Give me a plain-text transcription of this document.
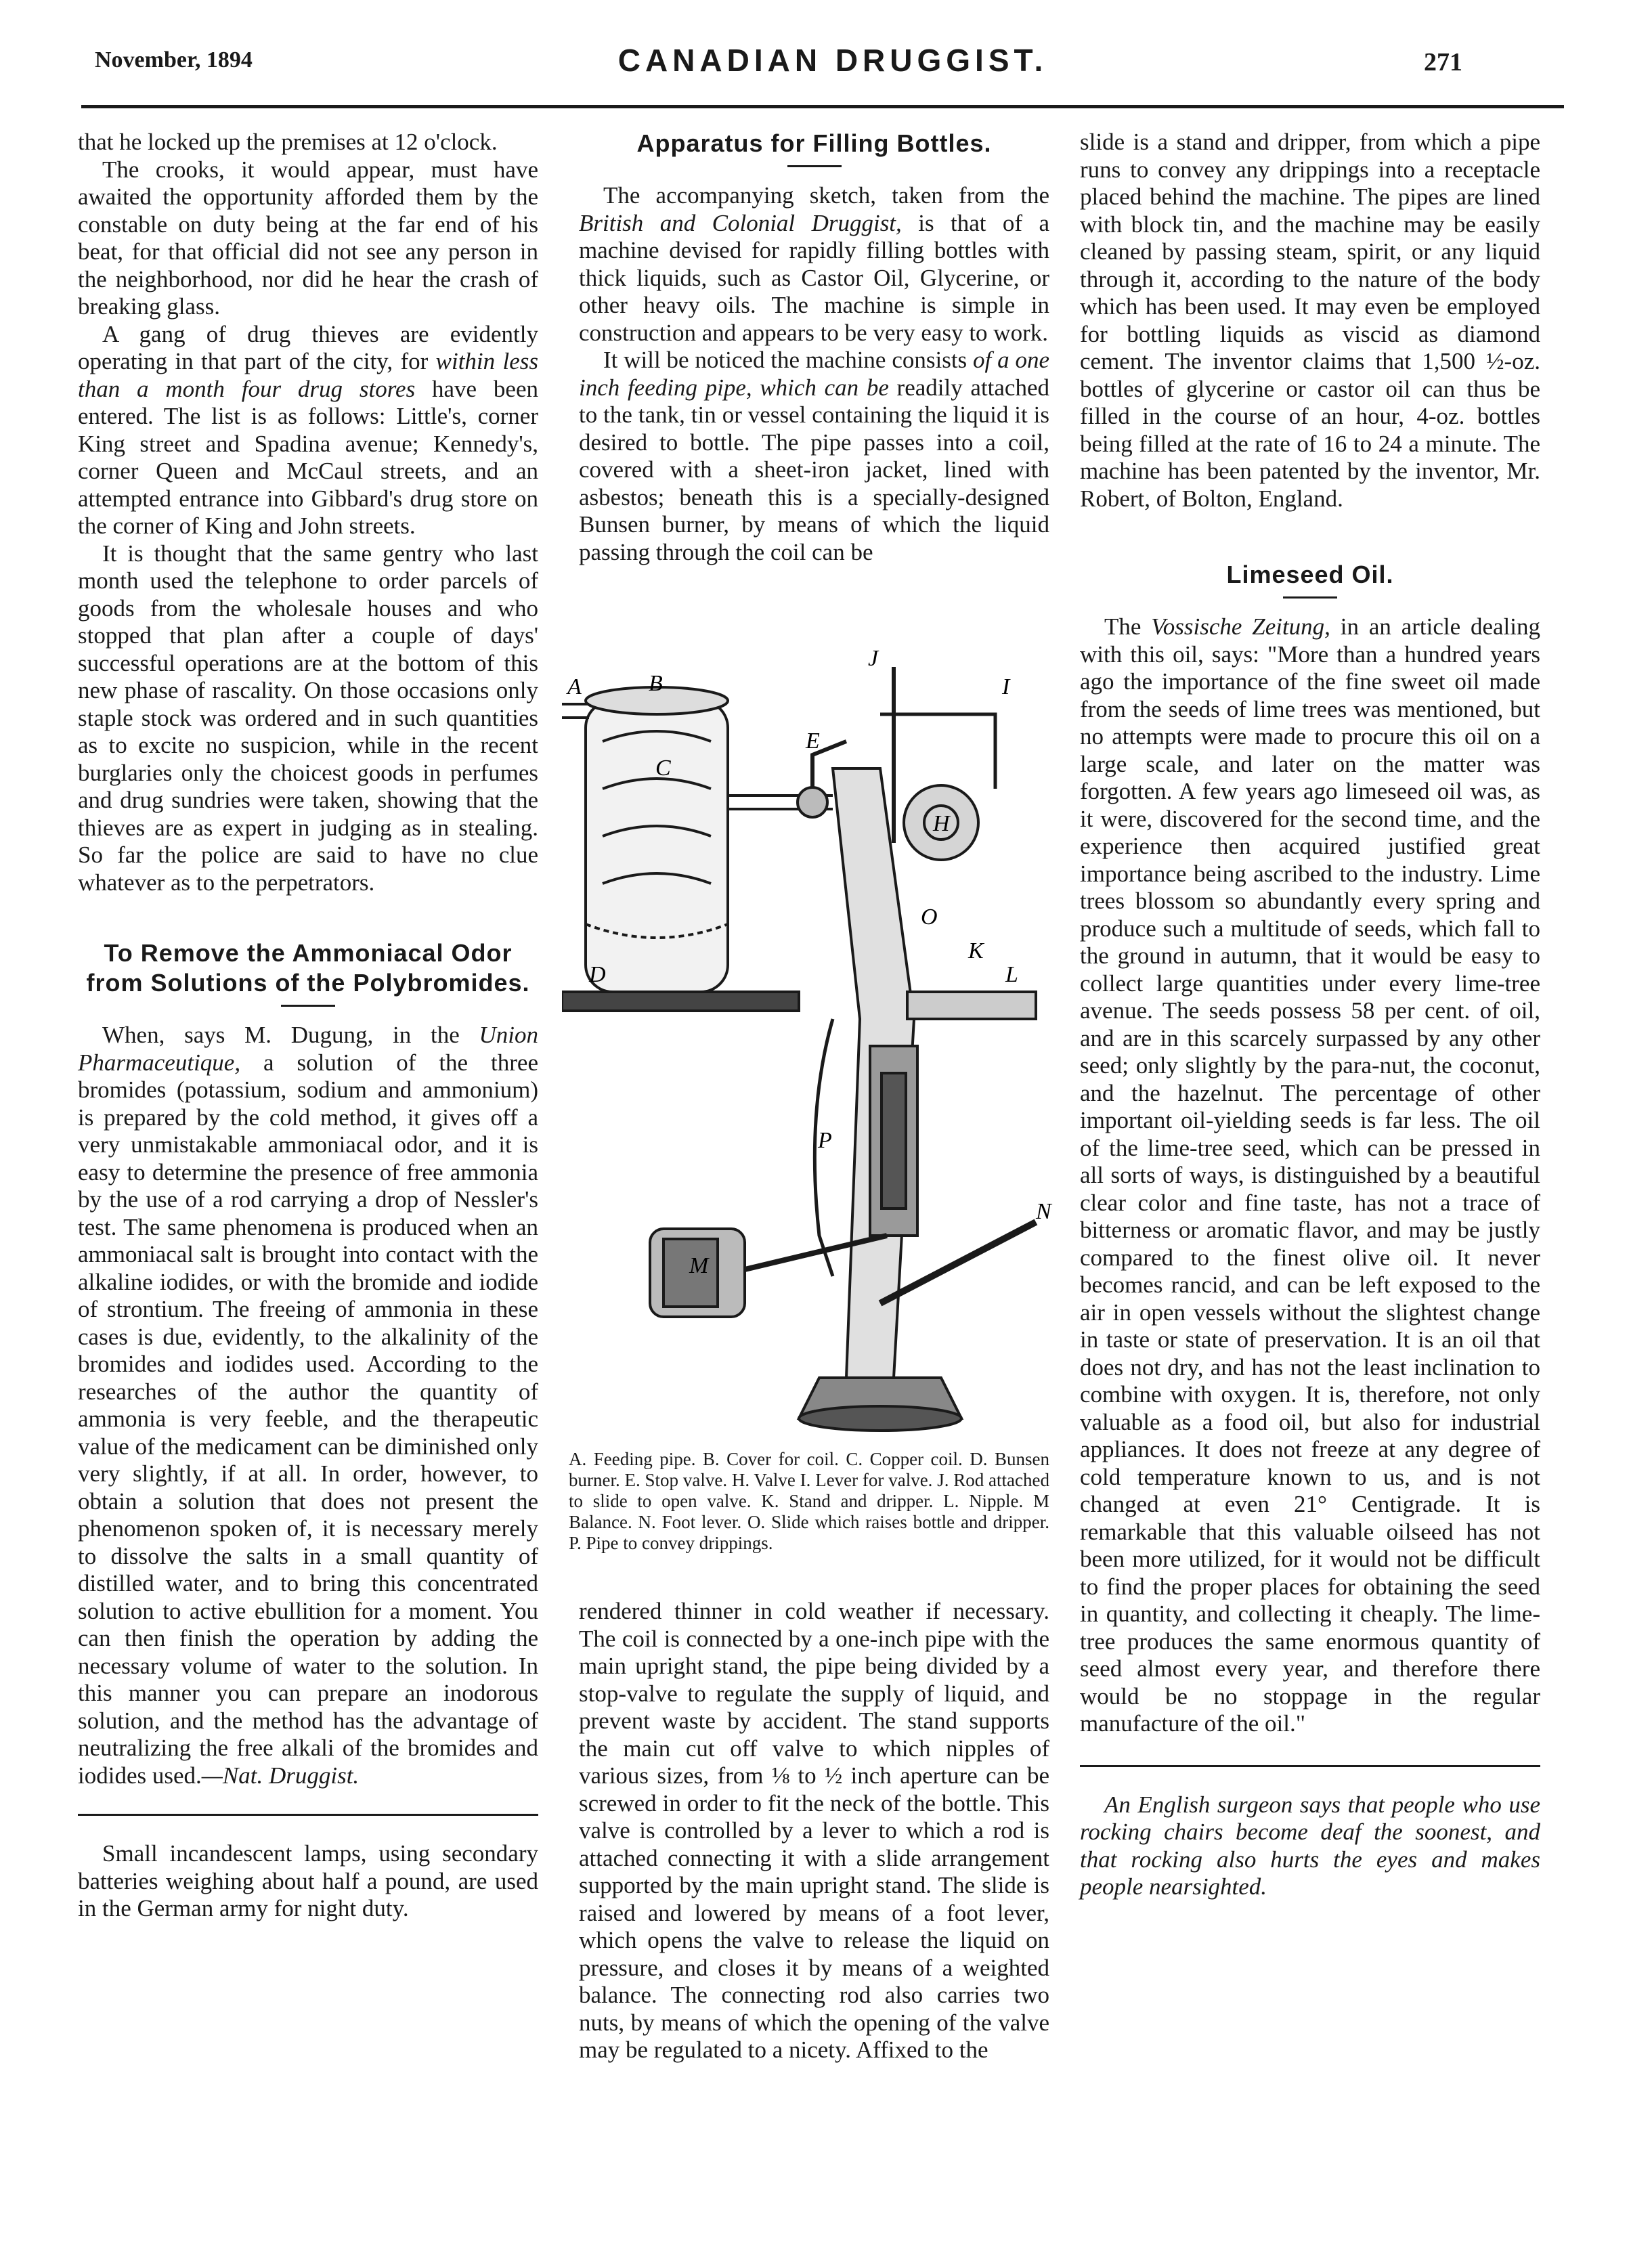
November, 1894	CANADIAN DRUGGIST.	271

that he locked up the premises at 12 o'clock.

The crooks, it would appear, must have awaited the opportunity afforded them by the constable on duty being at the far end of his beat, for that official did not see any person in the neighborhood, nor did he hear the crash of breaking glass.

A gang of drug thieves are evidently operating in that part of the city, for within less than a month four drug stores have been entered. The list is as follows: Little's, corner King street and Spadina avenue; Kennedy's, corner Queen and McCaul streets, and an attempted entrance into Gibbard's drug store on the corner of King and John streets.

It is thought that the same gentry who last month used the telephone to order parcels of goods from the wholesale houses and who stopped that plan after a couple of days' successful operations are at the bottom of this new phase of rascality. On those occasions only staple stock was ordered and in such quantities as to excite no suspicion, while in the recent burglaries only the choicest goods in perfumes and drug sundries were taken, showing that the thieves are as expert in judging as in stealing. So far the police are said to have no clue whatever as to the perpetrators.

To Remove the Ammoniacal Odor from Solutions of the Polybromides.

When, says M. Dugung, in the Union Pharmaceutique, a solution of the three bromides (potassium, sodium and ammonium) is prepared by the cold method, it gives off a very unmistakable ammoniacal odor, and it is easy to determine the presence of free ammonia by the use of a rod carrying a drop of Nessler's test. The same phenomena is produced when an ammoniacal salt is brought into contact with the alkaline iodides, or with the bromide and iodide of strontium. The freeing of ammonia in these cases is due, evidently, to the alkalinity of the bromides and iodides used. According to the researches of the author the quantity of ammonia is very feeble, and the therapeutic value of the medicament can be diminished only very slightly, if at all. In order, however, to obtain a solution that does not present the phenomenon spoken of, it is necessary merely to dissolve the salts in a small quantity of distilled water, and to bring this concentrated solution to active ebullition for a moment. You can then finish the operation by adding the necessary volume of water to the solution. In this manner you can prepare an inodorous solution, and the method has the advantage of neutralizing the free alkali of the bromides and iodides used.—Nat. Druggist.

Small incandescent lamps, using secondary batteries weighing about half a pound, are used in the German army for night duty.

Apparatus for Filling Bottles.

The accompanying sketch, taken from the British and Colonial Druggist, is that of a machine devised for rapidly filling bottles with thick liquids, such as Castor Oil, Glycerine, or other heavy oils. The machine is simple in construction and appears to be very easy to work.

It will be noticed the machine consists of a one inch feeding pipe, which can be readily attached to the tank, tin or vessel containing the liquid it is desired to bottle. The pipe passes into a coil, covered with a sheet-iron jacket, lined with asbestos; beneath this is a specially-designed Bunsen burner, by means of which the liquid passing through the coil can be

J
B
A
E
I
C
H
D
K
L
O
P
M
N
A. Feeding pipe. B. Cover for coil. C. Copper coil. D. Bunsen burner. E. Stop valve. H. Valve I. Lever for valve. J. Rod attached to slide to open valve. K. Stand and dripper. L. Nipple. M Balance. N. Foot lever. O. Slide which raises bottle and dripper. P. Pipe to convey drippings.

rendered thinner in cold weather if necessary. The coil is connected by a one-inch pipe with the main upright stand, the pipe being divided by a stop-valve to regulate the supply of liquid, and prevent waste by accident. The stand supports the main cut off valve to which nipples of various sizes, from ⅛ to ½ inch aperture can be screwed in order to fit the neck of the bottle. This valve is controlled by a lever to which a rod is attached connecting it with a slide arrangement supported by the main upright stand. The slide is raised and lowered by means of a foot lever, which opens the valve to release the liquid on pressure, and closes it by means of a weighted balance. The connecting rod also carries two nuts, by means of which the opening of the valve may be regulated to a nicety. Affixed to the

slide is a stand and dripper, from which a pipe runs to convey any drippings into a receptacle placed behind the machine. The pipes are lined with block tin, and the machine may be easily cleaned by passing steam, spirit, or any liquid through it, according to the nature of the body which has been used. It may even be employed for bottling liquids as viscid as diamond cement. The inventor claims that 1,500 ½-oz. bottles of glycerine or castor oil can thus be filled in the course of an hour, 4-oz. bottles being filled at the rate of 16 to 24 a minute. The machine has been patented by the inventor, Mr. Robert, of Bolton, England.

Limeseed Oil.

The Vossische Zeitung, in an article dealing with this oil, says: "More than a hundred years ago the importance of the fine sweet oil made from the seeds of lime trees was mentioned, but no attempts were made to procure this oil on a large scale, and later on the matter was forgotten. A few years ago limeseed oil was, as it were, discovered for the second time, and the experience then acquired justified great importance being ascribed to the industry. Lime trees blossom so abundantly every spring and produce such a multitude of seeds, which fall to the ground in autumn, that it would be easy to collect large quantities under every lime-tree avenue. The seeds possess 58 per cent. of oil, and are in this scarcely surpassed by any other seed; only slightly by the para-nut, the coconut, and the hazelnut. The percentage of other important oil-yielding seeds is far less. The oil of the lime-tree seed, which can be pressed in all sorts of ways, is distinguished by a beautiful clear color and fine taste, has not a trace of bitterness or aromatic flavor, and may be justly compared to the finest olive oil. It never becomes rancid, and can be left exposed to the air in open vessels without the slightest change in taste or state of preservation. It is an oil that does not dry, and has not the least inclination to combine with oxygen. It is, therefore, not only valuable as a food oil, but also for industrial appliances. It does not freeze at any degree of cold temperature known to us, and is not changed at even 21° Centigrade. It is remarkable that this valuable oilseed has not been more utilized, for it would not be difficult to find the proper places for obtaining the seed in quantity, and collecting it cheaply. The lime-tree produces the same enormous quantity of seed almost every year, and therefore there would be no stoppage in the regular manufacture of the oil."

An English surgeon says that people who use rocking chairs become deaf the soonest, and that rocking also hurts the eyes and makes people nearsighted.
